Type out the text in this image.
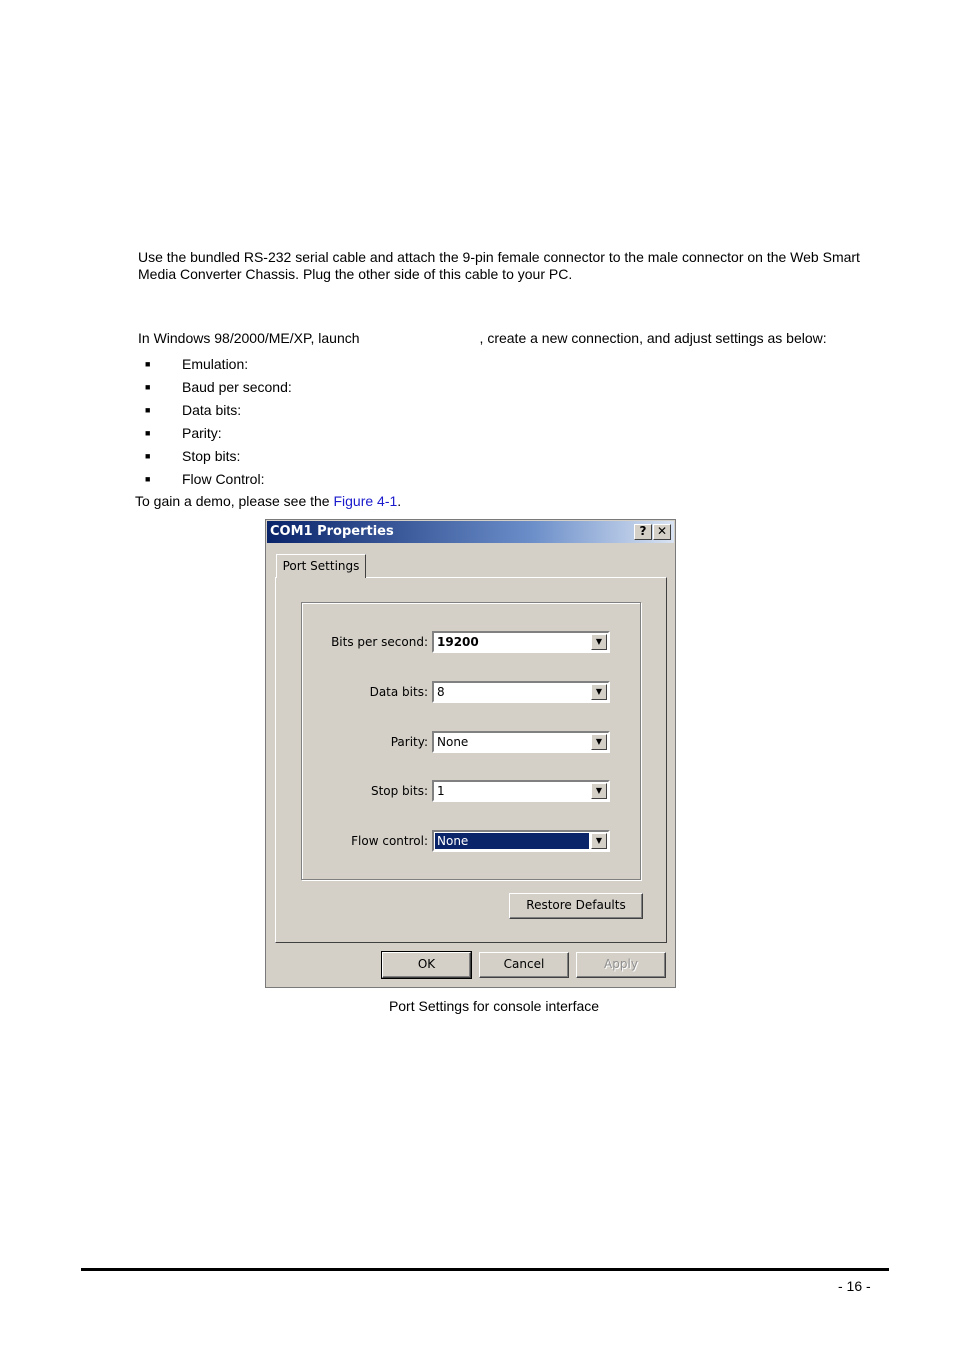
Use the bundled RS-232 serial cable and attach the 9-pin female connector to the male connector on the Web Smart Media Converter Chassis. Plug the other side of this cable to your PC.
In Windows 98/2000/ME/XP, launch	, create a new connection, and adjust settings as below:
■	Emulation:
■	Baud per second:
■	Data bits:
■	Parity:
■	Stop bits:
■	Flow Control:
To gain a demo, please see the Figure 4-1.
COM1 Properties	? ✕
Port Settings
Bits per second: 19200	▼
Data bits: 8	▼
Parity: None	▼
Stop bits: 1	▼
Flow control: None	▼
Restore Defaults
OK	Cancel	Apply
Port Settings for console interface
- 16 -
